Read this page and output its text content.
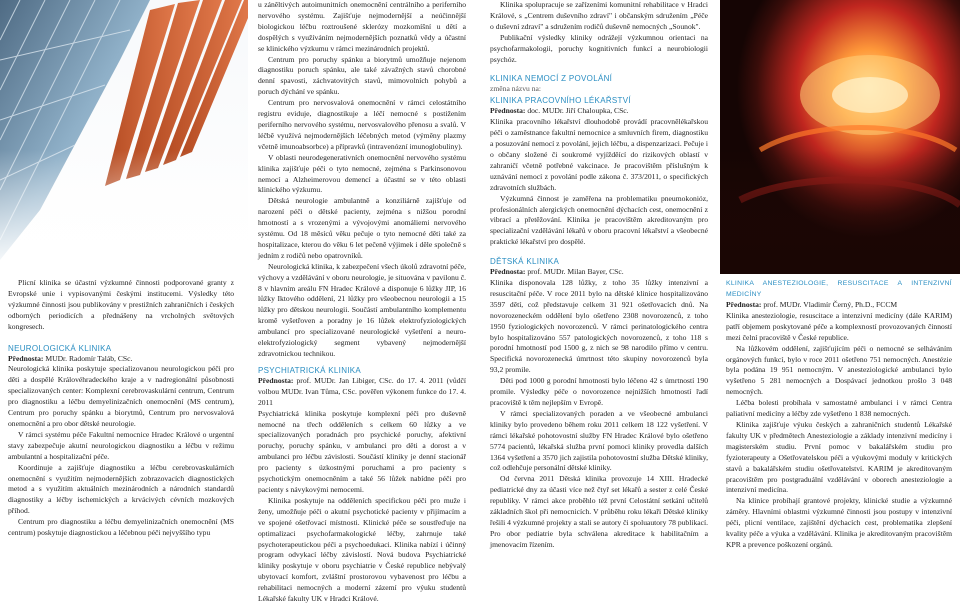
Plicní klinika se účastní výzkumné činnosti podporované granty z Evropské unie i vypisovanými českými institucemi. Výsledky této výzkumné činnosti jsou publikovány v prestižních zahraničních i českých odborných periodicích a přednášeny na vrcholných světových kongresech.

NEUROLOGICKÁ KLINIKA

Přednosta: MUDr. Radomír Taláb, CSc.

Neurologická klinika poskytuje specializovanou neurologickou péči pro děti a dospělé Královéhradeckého kraje a v nadregionální působnosti specializovaných center: Komplexní cerebrovaskulární centrum, Centrum pro diagnostiku a léčbu demyelinizačních onemocnění (MS centrum), Centrum pro poruchy spánku a biorytmů, Centrum pro nervosvalová onemocnění a pro obor dětské neurologie.

V rámci systému péče Fakultní nemocnice Hradec Králové o urgentní stavy zabezpečuje akutní neurologickou diagnostiku a léčbu v režimu ambulantní a hospitalizační péče.

Koordinuje a zajišťuje diagnostiku a léčbu cerebrovaskulárních onemocnění s využitím nejmodernějších zobrazovacích diagnostických metod a s využitím aktuálních mezinárodních a národních standardů diagnostiky a léčby ischemických a krvácivých cévních mozkových příhod.

Centrum pro diagnostiku a léčbu demyelinizačních onemocnění (MS centrum) poskytuje diagnostickou a léčebnou péči nejvyššího typu

u záněltivých autoimunitních onemocnění centrálního a periferního nervového systému. Zajišťuje nejmodernější a neúčinnější biologickou léčbu roztroušené sklerózy mozkomíšní u dětí a dospělých s využíváním nejmodernějších poznatků vědy a účastní se klinického výzkumu v rámci mezinárodních projektů.

Centrum pro poruchy spánku a biorytmů umožňuje nejenom diagnostiku poruch spánku, ale také závažných stavů chorobné denní spavosti, záchvatovitých stavů, mimovolních pohybů a poruch dýchání ve spánku.

Centrum pro nervosvalová onemocnění v rámci celostátního registru eviduje, diagnostikuje a léčí nemocné s postižením periferního nervového systému, nervosvalového přenosu a svalů. V léčbě využívá nejmodernějších léčebných metod (výměny plazmy včetně imunoabsorbce) a přípravků (intravenózní imunoglobuliny).

V oblasti neurodegenerativních onemocnění nervového systému klinika zajišťuje péči o tyto nemocné, zejména s Parkinsonovou nemocí a Alzheimerovou demencí a účastní se v této oblasti klinického výzkumu.

Dětská neurologie ambulantně a konziliárně zajišťuje od narození péči o dětské pacienty, zejména s nižšou porodní hmotností a s vrozenými a vývojovými anomáliemi nervového systému. Od 18 měsíců věku pečuje o tyto nemocné děti také za hospitalizace, kterou do věku 6 let pečeně výjimek i děle společně s jedním z rodičů nebo opatrovníků.

Neurologická klinika, k zabezpečení všech úkolů zdravotní péče, výchovy a vzdělávání v oboru neurologie, je situována v pavilonu č. 8 v hlavním areálu FN Hradec Králové a disponuje 6 lůžky JIP, 16 lůžky Iktového oddělení, 21 lůžky pro všeobecnou neurologii a 15 lůžky pro dětskou neurologii. Součástí ambulantního komplementu kromě vyšetřoven a poradny je 16 lůžek elektrofyziologických ambulancí pro specializované neurologické vyšetření a neuro-elektrofyziologický segment vybavený nejmodernější zdravotnickou technikou.

PSYCHIATRICKÁ KLINIKA

Přednosta: prof. MUDr. Jan Libiger, CSc. do 17. 4. 2011 (vůdčí volbou MUDr. Ivan Tůma, CSc. pověřen výkonem funkce do 17. 4. 2011

Psychiatrická klinika poskytuje komplexní péči pro duševně nemocné na třech odděleních s celkem 60 lůžky a ve specializovaných poradnách pro psychické poruchy, afektivní poruchy, poruchy spánku, v ambulanci pro děti a dorost a v ambulanci pro léčbu závislosti. Součástí kliniky je denní stacionář pro pacienty s úzkostnými poruchami a pro pacienty s psychotickým onemocněním a také 56 lůžek nabídne péči pro pacienty s návykovými nemocemi.

Klinika poskytuje na odděleních specifickou péči pro muže i ženy, umožňuje péči o akutní psychotické pacienty v přijímacím a ve spojené ošetřovací místnosti. Klinické péče se soustřeďuje na optimalizaci psychofarmakologické léčby, zahrnuje také psychoterapeutickou péči a psychoedukaci. Klinika nabízí i účinný program odvykací léčby závislostí. Nová budova Psychiatrické kliniky poskytuje v oboru psychiatrie v České republice nebývalý ubytovací komfort, zvláštní prostorovou vybavenost pro léčbu a rehabilitaci nemocných a moderní zázemí pro výuku studentů Lékařské fakulty UK v Hradci Králové.

Klinika spolupracuje se zařízeními komunitní rehabilitace v Hradci Králové, s „Centrem duševního zdraví" i občanským sdružením „Péče o duševní zdraví" a sdružením rodičů duševně nemocných „Sounok".

Publikační výsledky kliniky odrážejí výzkumnou orientaci na psychofarmakologii, poruchy kognitivních funkcí a neurobiologii psychóz.

KLINIKA NEMOCÍ Z POVOLÁNÍ

změna názvu na:

KLINIKA PRACOVNÍHO LÉKAŘSTVÍ

Přednosta: doc. MUDr. Jiří Chaloupka, CSc.

Klinika pracovního lékařství dlouhodobě provádí pracovnělékařskou péči o zaměstnance fakultní nemocnice a smluvních firem, diagnostiku a posuzování nemocí z povolání, jejich léčbu, a dispenzarizaci. Pečuje i o občany složené či soukromé vyjížděící do rizikových oblastí v zahraničí včetně potřebné vakcinace. Je pracovištěm příslušným k uznávání nemocí z povolání podle zákona č. 373/2011, o specifických zdravotních službách.

Výzkumná činnost je zaměřena na problematiku pneumokonióz, profesionálních alergických onemocnění dýchacích cest, onemocnění z vibrací a přetěžování. Klinika je pracovištěm akreditovaným pro specializační vzdělávání lékařů v oboru pracovní lékařství a všeobecné praktické lékařství pro dospělé.

DĚTSKÁ KLINIKA

Přednosta: prof. MUDr. Milan Bayer, CSc.

Klinika disponovala 128 lůžky, z toho 35 lůžky intenzivní a resuscitační péče. V roce 2011 bylo na dětské klinice hospitalizováno 3597 dětí, což představuje celkem 31 921 ošetřovacích dnů. Na novorozeneckém oddělení bylo ošetřeno 2308 novorozenců, z toho 1950 fyziologických novorozenců. V rámci perinatologického centra bylo hospitalizováno 557 patologických novorozenců, z toho 118 s porodní hmotností pod 1500 g, z nich se 98 narodilo přímo v centru. Specifická novorozenecká úmrtnost této skupiny novorozenců byla 93,2 promile.

Děti pod 1000 g porodní hmotnosti bylo léčeno 42 s úmrtností 190 promile. Výsledky péče o novorozence nejnižších hmotností řadí pracoviště k těm nejlepším v Evropě.

V rámci specializovaných poraden a ve všeobecné ambulanci kliniky bylo provedeno během roku 2011 celkem 18 122 vyšetření. V rámci lékařské pohotovostní služby FN Hradec Králové bylo ošetřeno 5774 pacientů, lékařská služba první pomoci kliniky provedla dalších 1364 vyšetření a 3570 jich zajistila pohotovostní služba Dětské kliniky, což odlehčuje personální dětské kliniky.

Od června 2011 Dětská klinika provozuje 14 XIII. Hradecké pediatrické dny za účasti více než čtyř set lékařů a sester z celé České republiky. V rámci akce proběhlo též první Celostátní setkání učitelů základních škol při nemocnicích. V průběhu roku lékaři Dětské kliniky řešili 4 výzkumné projekty a stali se autory či spoluautory 78 publikací. Pro obor pediatrie byla schválena akreditace k habilitačním a jmenovacím řízením.

KLINIKA ANESTEZIOLOGIE, RESUSCITACE A INTENZIVNÍ MEDICÍNY

Přednosta: prof. MUDr. Vladimír Černý, Ph.D., FCCM

Klinika anesteziologie, resuscitace a intenzivní medicíny (dále KARIM) patří objemem poskytované péče a komplexností provozovaných činností mezi čelní pracoviště v České republice.

Na lůžkovém oddělení, zajišťujícím péči o nemocné se selháváním orgánových funkcí, bylo v roce 2011 ošetřeno 751 nemocných. Anestézie byla podána 19 951 nemocným. V anesteziologické ambulanci bylo vyšetřeno 5 281 nemocných a Dospávací jednotkou prošlo 3 048 nemocných.

Léčba bolesti probíhala v samostatné ambulanci i v rámci Centra paliativní medicíny a léčby zde vyšetřeno 1 838 nemocných.

Klinika zajišťuje výuku českých a zahraničních studentů Lékařské fakulty UK v předmětech Anesteziologie a základy intenzivní medicíny i magisterském studiu. První pomoc v bakalářském studiu pro fyzioterapeuty a Ošetřovatelskou péči a výukovými moduly v kritických stavů a bakalářském studiu ošetřovatelství. KARIM je akreditovaným pracovištěm pro postgraduální vzdělávání v oborech anesteziologie a intenzivní medicína.

Na klinice probíhají grantové projekty, klinické studie a výzkumné záměry. Hlavními oblastmi výzkumné činnosti jsou postupy v intenzivní péči, plicní ventilace, zajištění dýchacích cest, problematika zlepšení kvality péče a výuka a vzdělávání. Klinika je akreditovaným pracovištěm KPR a prevence poškození orgánů.
